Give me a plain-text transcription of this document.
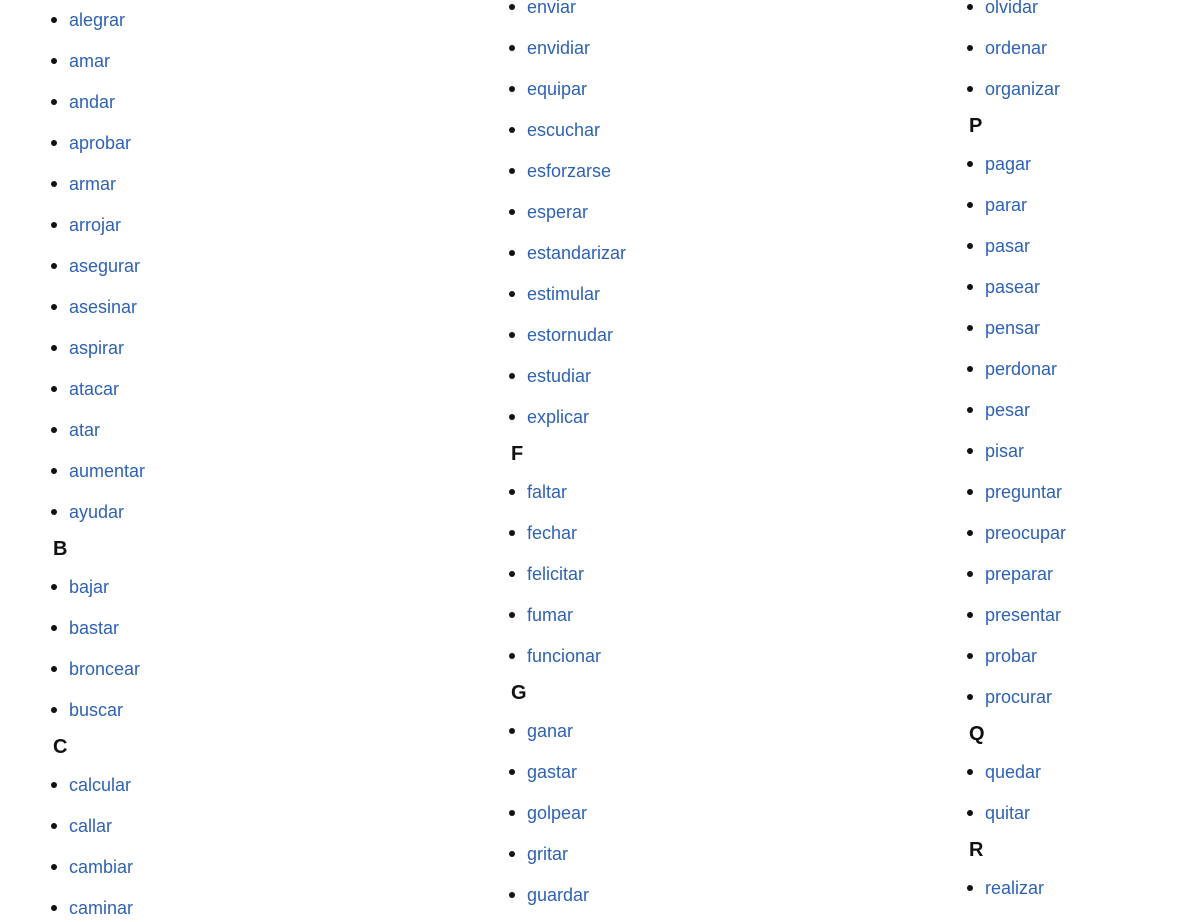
alegrar
amar
andar
aprobar
armar
arrojar
asegurar
asesinar
aspirar
atacar
atar
aumentar
ayudar
B
bajar
bastar
broncear
buscar
C
calcular
callar
cambiar
caminar
enviar
envidiar
equipar
escuchar
esforzarse
esperar
estandarizar
estimular
estornudar
estudiar
explicar
F
faltar
fechar
felicitar
fumar
funcionar
G
ganar
gastar
golpear
gritar
guardar
olvidar
ordenar
organizar
P
pagar
parar
pasar
pasear
pensar
perdonar
pesar
pisar
preguntar
preocupar
preparar
presentar
probar
procurar
Q
quedar
quitar
R
realizar
